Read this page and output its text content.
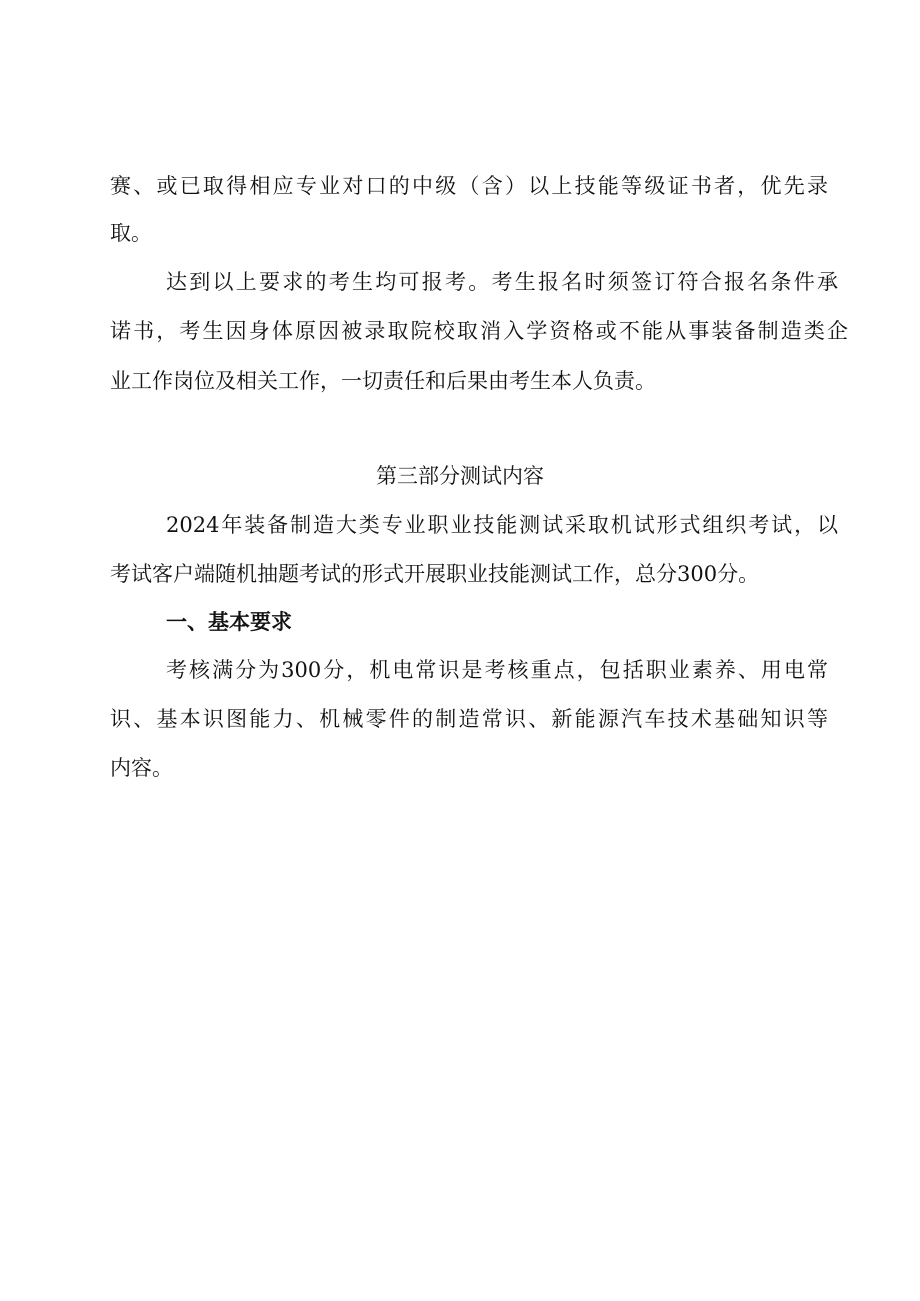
赛、或已取得相应专业对口的中级（含）以上技能等级证书者，优先录
取。
达到以上要求的考生均可报考。考生报名时须签订符合报名条件承
诺书，考生因身体原因被录取院校取消入学资格或不能从事装备制造类企
业工作岗位及相关工作，一切责任和后果由考生本人负责。
第三部分测试内容
2024年装备制造大类专业职业技能测试采取机试形式组织考试，以
考试客户端随机抽题考试的形式开展职业技能测试工作，总分300分。
一、基本要求
考核满分为300分，机电常识是考核重点，包括职业素养、用电常
识、基本识图能力、机械零件的制造常识、新能源汽车技术基础知识等
内容。
